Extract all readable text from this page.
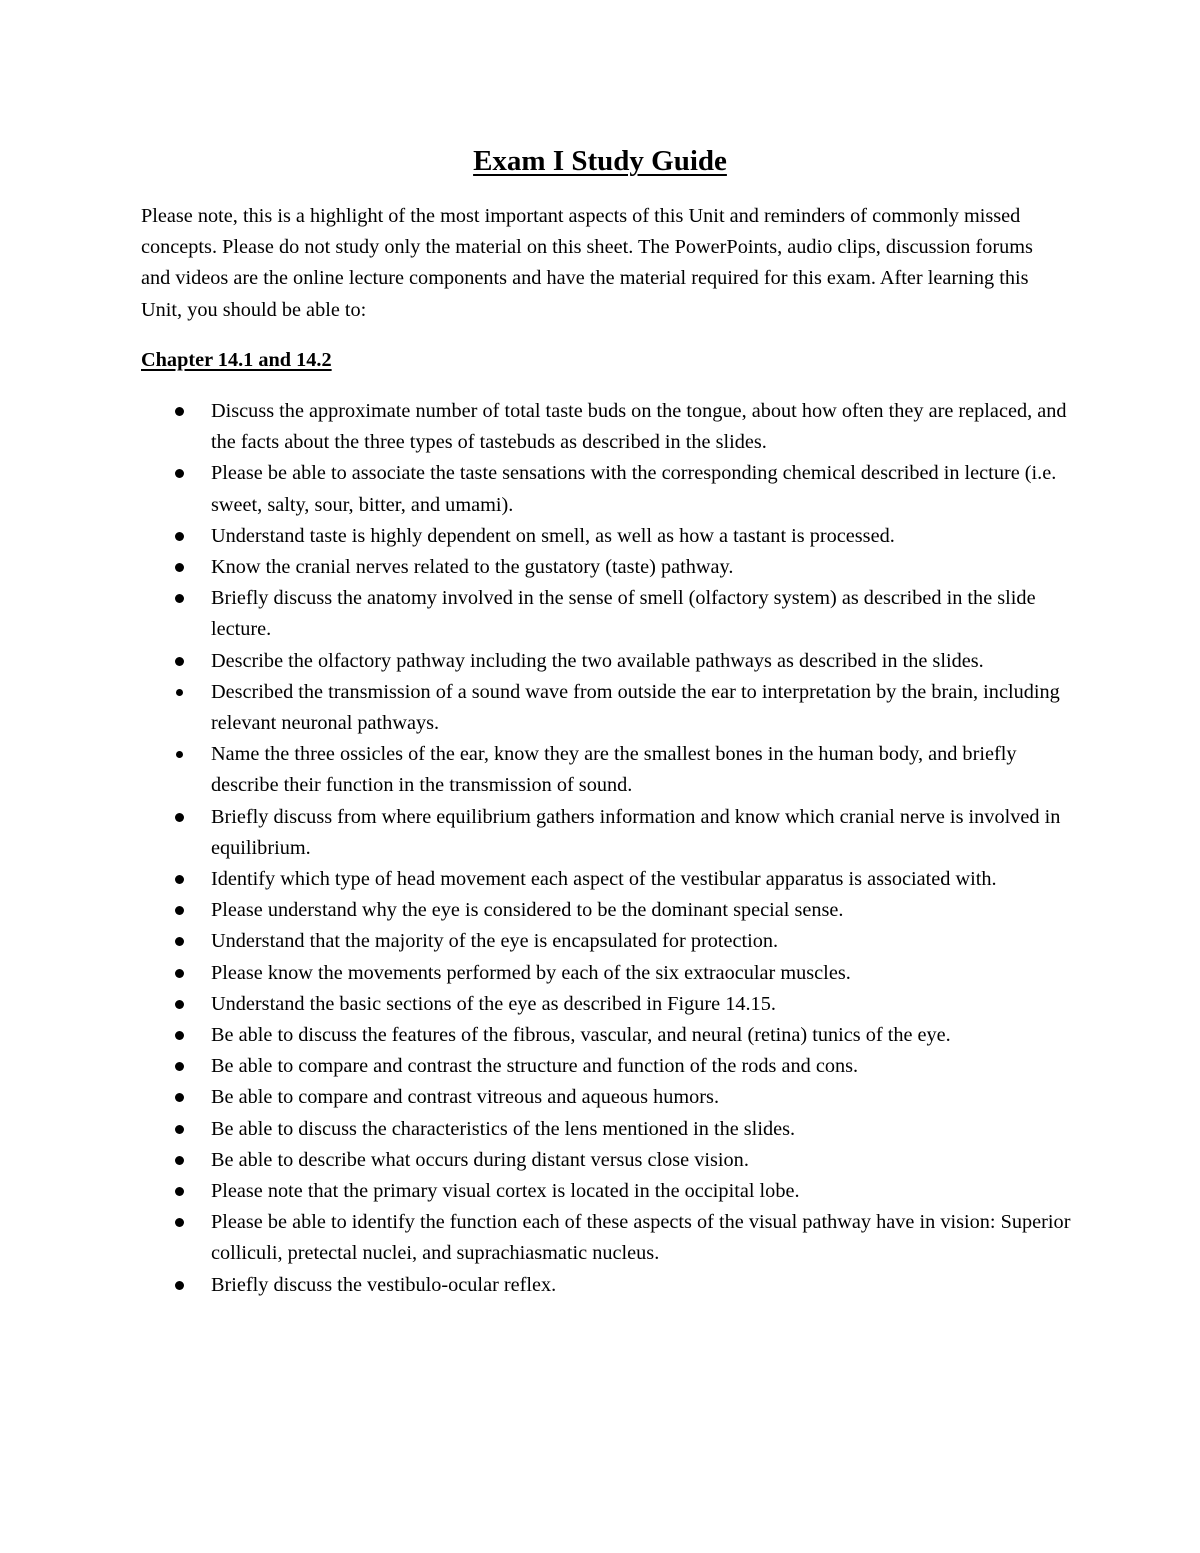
Exam I Study Guide

Please note, this is a highlight of the most important aspects of this Unit and reminders of commonly missed concepts. Please do not study only the material on this sheet. The PowerPoints, audio clips, discussion forums and videos are the online lecture components and have the material required for this exam. After learning this Unit, you should be able to:

Chapter 14.1 and 14.2
Discuss the approximate number of total taste buds on the tongue, about how often they are replaced, and the facts about the three types of tastebuds as described in the slides.
Please be able to associate the taste sensations with the corresponding chemical described in lecture (i.e. sweet, salty, sour, bitter, and umami).
Understand taste is highly dependent on smell, as well as how a tastant is processed.
Know the cranial nerves related to the gustatory (taste) pathway.
Briefly discuss the anatomy involved in the sense of smell (olfactory system) as described in the slide lecture.
Describe the olfactory pathway including the two available pathways as described in the slides.
Described the transmission of a sound wave from outside the ear to interpretation by the brain, including relevant neuronal pathways.
Name the three ossicles of the ear, know they are the smallest bones in the human body, and briefly describe their function in the transmission of sound.
Briefly discuss from where equilibrium gathers information and know which cranial nerve is involved in equilibrium.
Identify which type of head movement each aspect of the vestibular apparatus is associated with.
Please understand why the eye is considered to be the dominant special sense.
Understand that the majority of the eye is encapsulated for protection.
Please know the movements performed by each of the six extraocular muscles.
Understand the basic sections of the eye as described in Figure 14.15.
Be able to discuss the features of the fibrous, vascular, and neural (retina) tunics of the eye.
Be able to compare and contrast the structure and function of the rods and cons.
Be able to compare and contrast vitreous and aqueous humors.
Be able to discuss the characteristics of the lens mentioned in the slides.
Be able to describe what occurs during distant versus close vision.
Please note that the primary visual cortex is located in the occipital lobe.
Please be able to identify the function each of these aspects of the visual pathway have in vision: Superior colliculi, pretectal nuclei, and suprachiasmatic nucleus.
Briefly discuss the vestibulo-ocular reflex.
